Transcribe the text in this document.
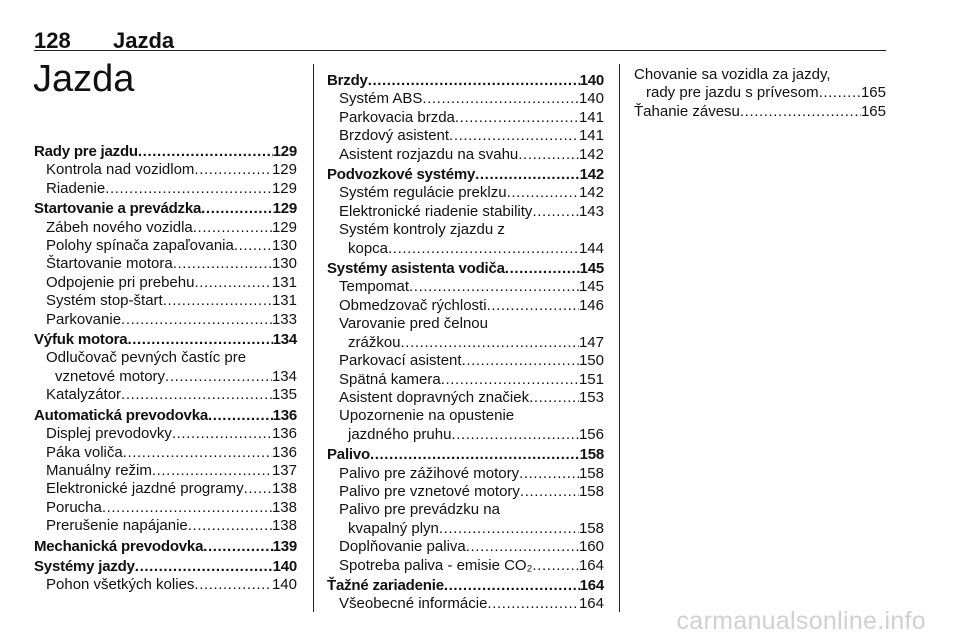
128 Jazda
Jazda
Rady pre jazdu .....	129
Kontrola nad vozidlom .....	129
Riadenie .....	129
Startovanie a prevádzka .....	129
Zábeh nového vozidla .....	129
Polohy spínača zapaľovania .....	130
Štartovanie motora .....	130
Odpojenie pri prebehu .....	131
Systém stop-štart .....	131
Parkovanie .....	133
Výfuk motora .....	134
Odlučovač pevných častíc pre
vznetové motory .....	134
Katalyzátor .....	135
Automatická prevodovka .....	136
Displej prevodovky .....	136
Páka voliča .....	136
Manuálny režim .....	137
Elektronické jazdné programy ..... 138
Porucha .....	138
Prerušenie napájanie .....	138
Mechanická prevodovka .....	139
Systémy jazdy .....	140
Pohon všetkých kolies .....	140
Brzdy .....	140
Systém ABS .....	140
Parkovacia brzda .....	141
Brzdový asistent .....	141
Asistent rozjazdu na svahu .....	142
Podvozkové systémy .....	142
Systém regulácie preklzu .....	142
Elektronické riadenie stability .....	143
Systém kontroly zjazdu z
kopca .....	144
Systémy asistenta vodiča .....	145
Tempomat .....	145
Obmedzovač rýchlosti .....	146
Varovanie pred čelnou
zrážkou .....	147
Parkovací asistent .....	150
Spätná kamera .....	151
Asistent dopravných značiek .....	153
Upozornenie na opustenie
jazdného pruhu .....	156
Palivo .....	158
Palivo pre zážihové motory .....	158
Palivo pre vznetové motory .....	158
Palivo pre prevádzku na
kvapalný plyn .....	158
Doplňovanie paliva .....	160
Spotreba paliva - emisie CO₂ .....	164
Ťažné zariadenie .....	164
Všeobecné informácie .....	164
Chovanie sa vozidla za jazdy,
rady pre jazdu s prívesom .....	165
Ťahanie závesu .....	165
carmanualsonline.info
